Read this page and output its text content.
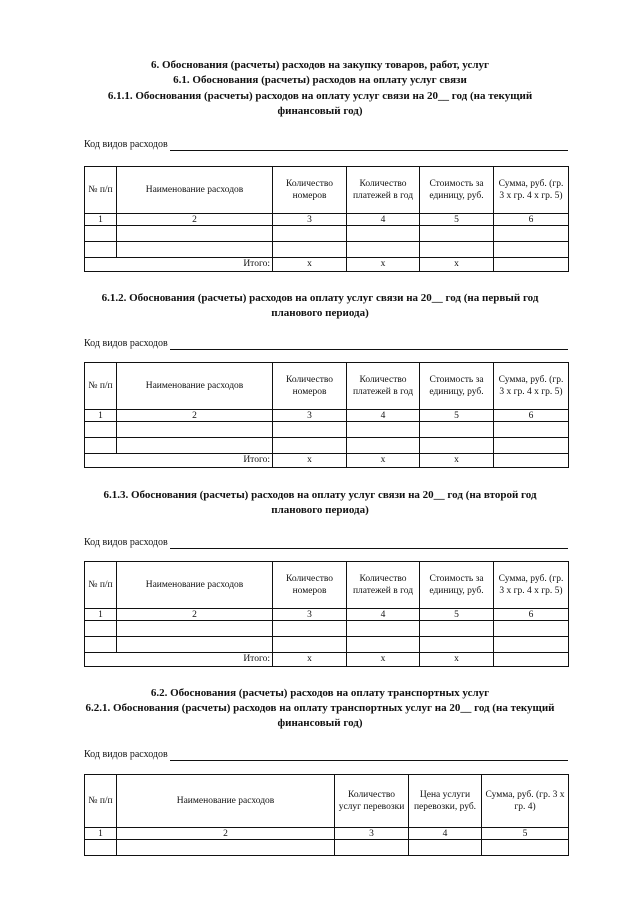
6. Обоснования (расчеты) расходов на закупку товаров, работ, услуг

6.1. Обоснования (расчеты) расходов на оплату услуг связи

6.1.1. Обоснования (расчеты) расходов на оплату услуг связи на 20__ год (на текущий

финансовый год)

Код видов расходов
№ п/п	Наименование расходов	Количество номеров	Количество платежей в год	Стоимость за единицу, руб.	Сумма, руб. (гр. 3 х гр. 4 х гр. 5)
1	2	3	4	5	6

Итого:		х	х	х	

6.1.2. Обоснования (расчеты) расходов на оплату услуг связи на 20__ год (на первый год

планового периода)

Код видов расходов
№ п/п	Наименование расходов	Количество номеров	Количество платежей в год	Стоимость за единицу, руб.	Сумма, руб. (гр. 3 х гр. 4 х гр. 5)
1	2	3	4	5	6

Итого:		х	х	х	

6.1.3. Обоснования (расчеты) расходов на оплату услуг связи на 20__ год (на второй год

планового периода)

Код видов расходов
№ п/п	Наименование расходов	Количество номеров	Количество платежей в год	Стоимость за единицу, руб.	Сумма, руб. (гр. 3 х гр. 4 х гр. 5)
1	2	3	4	5	6

Итого:		х	х	х	

6.2. Обоснования (расчеты) расходов на оплату транспортных услуг

6.2.1. Обоснования (расчеты) расходов на оплату транспортных услуг на 20__ год (на текущий

финансовый год)

Код видов расходов
№ п/п	Наименование расходов	Количество услуг перевозки	Цена услуги перевозки, руб.	Сумма, руб. (гр. 3 х гр. 4)
1	2	3	4	5
